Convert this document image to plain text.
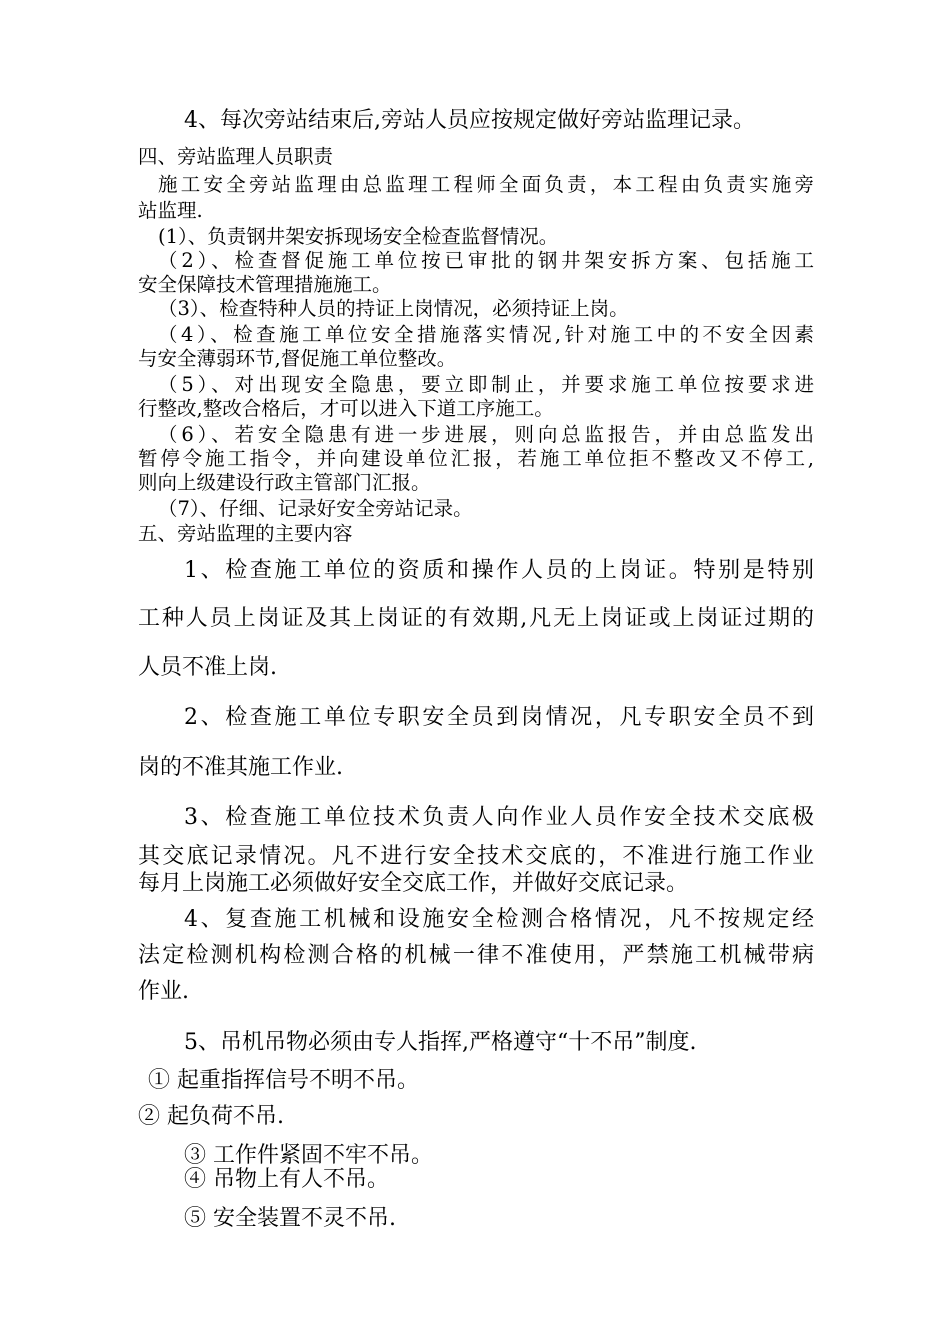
4、每次旁站结束后,旁站人员应按规定做好旁站监理记录。
四、旁站监理人员职责
施工安全旁站监理由总监理工程师全面负责，本工程由负责实施旁
站监理.
(1）、负责钢井架安拆现场安全检查监督情况。
（2）、检查督促施工单位按已审批的钢井架安拆方案、包括施工
安全保障技术管理措施施工。
（3）、检查特种人员的持证上岗情况，必须持证上岗。
（4）、检查施工单位安全措施落实情况,针对施工中的不安全因素
与安全薄弱环节,督促施工单位整改。
（5）、对出现安全隐患，要立即制止，并要求施工单位按要求进
行整改,整改合格后，才可以进入下道工序施工。
（6）、若安全隐患有进一步进展，则向总监报告，并由总监发出
暂停令施工指令，并向建设单位汇报，若施工单位拒不整改又不停工,
则向上级建设行政主管部门汇报。
（7）、仔细、记录好安全旁站记录。
五、旁站监理的主要内容
1、检查施工单位的资质和操作人员的上岗证。特别是特别
工种人员上岗证及其上岗证的有效期,凡无上岗证或上岗证过期的
人员不准上岗.
2、检查施工单位专职安全员到岗情况，凡专职安全员不到
岗的不准其施工作业.
3、检查施工单位技术负责人向作业人员作安全技术交底极
其交底记录情况。凡不进行安全技术交底的，不准进行施工作业
每月上岗施工必须做好安全交底工作，并做好交底记录。
4、复查施工机械和设施安全检测合格情况，凡不按规定经
法定检测机构检测合格的机械一律不准使用，严禁施工机械带病
作业.
5、吊机吊物必须由专人指挥,严格遵守“十不吊”制度.
① 起重指挥信号不明不吊。
② 起负荷不吊.
③ 工作件紧固不牢不吊。
④ 吊物上有人不吊。
⑤ 安全装置不灵不吊.
